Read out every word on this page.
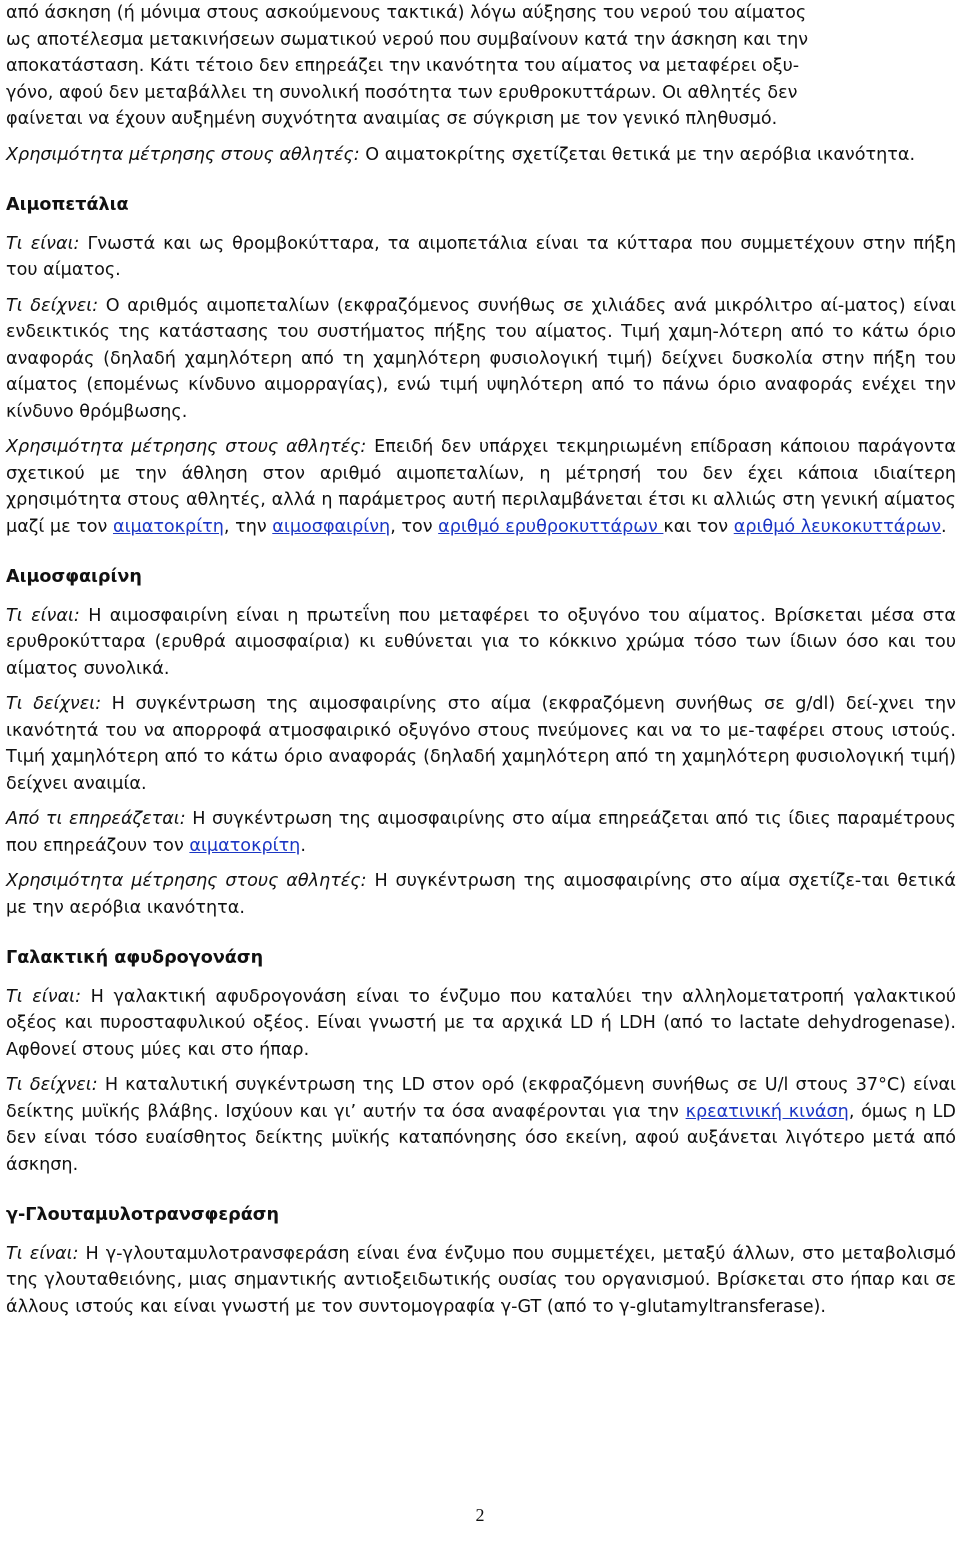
από άσκηση (ή μόνιμα στους ασκούμενους τακτικά) λόγω αύξησης του νερού του αίματος
ως αποτέλεσμα μετακινήσεων σωματικού νερού που συμβαίνουν κατά την άσκηση και την
αποκατάσταση. Κάτι τέτοιο δεν επηρεάζει την ικανότητα του αίματος να μεταφέρει οξυ-
γόνο, αφού δεν μεταβάλλει τη συνολική ποσότητα των ερυθροκυττάρων. Οι αθλητές δεν
φαίνεται να έχουν αυξημένη συχνότητα αναιμίας σε σύγκριση με τον γενικό πληθυσμό.

Χρησιμότητα μέτρησης στους αθλητές: Ο αιματοκρίτης σχετίζεται θετικά με την αερόβια ικανότητα.

Αιμοπετάλια

Τι είναι: Γνωστά και ως θρομβοκύτταρα, τα αιμοπετάλια είναι τα κύτταρα που συμμετέχουν στην πήξη του αίματος.

Τι δείχνει: Ο αριθμός αιμοπεταλίων (εκφραζόμενος συνήθως σε χιλιάδες ανά μικρόλιτρο αί-ματος) είναι ενδεικτικός της κατάστασης του συστήματος πήξης του αίματος. Τιμή χαμη-λότερη από το κάτω όριο αναφοράς (δηλαδή χαμηλότερη από τη χαμηλότερη φυσιολογική τιμή) δείχνει δυσκολία στην πήξη του αίματος (επομένως κίνδυνο αιμορραγίας), ενώ τιμή υψηλότερη από το πάνω όριο αναφοράς ενέχει την κίνδυνο θρόμβωσης.

Χρησιμότητα μέτρησης στους αθλητές: Επειδή δεν υπάρχει τεκμηριωμένη επίδραση κάποιου παράγοντα σχετικού με την άθληση στον αριθμό αιμοπεταλίων, η μέτρησή του δεν έχει κάποια ιδιαίτερη χρησιμότητα στους αθλητές, αλλά η παράμετρος αυτή περιλαμβάνεται έτσι κι αλλιώς στη γενική αίματος μαζί με τον αιματοκρίτη, την αιμοσφαιρίνη, τον αριθμό ερυθροκυττάρων και τον αριθμό λευκοκυττάρων.

Αιμοσφαιρίνη

Τι είναι: Η αιμοσφαιρίνη είναι η πρωτεΐνη που μεταφέρει το οξυγόνο του αίματος. Βρίσκεται μέσα στα ερυθροκύτταρα (ερυθρά αιμοσφαίρια) κι ευθύνεται για το κόκκινο χρώμα τόσο των ίδιων όσο και του αίματος συνολικά.

Τι δείχνει: Η συγκέντρωση της αιμοσφαιρίνης στο αίμα (εκφραζόμενη συνήθως σε g/dl) δεί-χνει την ικανότητά του να απορροφά ατμοσφαιρικό οξυγόνο στους πνεύμονες και να το με-ταφέρει στους ιστούς. Τιμή χαμηλότερη από το κάτω όριο αναφοράς (δηλαδή χαμηλότερη από τη χαμηλότερη φυσιολογική τιμή) δείχνει αναιμία.

Από τι επηρεάζεται: Η συγκέντρωση της αιμοσφαιρίνης στο αίμα επηρεάζεται από τις ίδιες παραμέτρους που επηρεάζουν τον αιματοκρίτη.

Χρησιμότητα μέτρησης στους αθλητές: Η συγκέντρωση της αιμοσφαιρίνης στο αίμα σχετίζε-ται θετικά με την αερόβια ικανότητα.

Γαλακτική αφυδρογονάση

Τι είναι: Η γαλακτική αφυδρογονάση είναι το ένζυμο που καταλύει την αλληλομετατροπή γαλακτικού οξέος και πυροσταφυλικού οξέος. Είναι γνωστή με τα αρχικά LD ή LDH (από το lactate dehydrogenase). Αφθονεί στους μύες και στο ήπαρ.

Τι δείχνει: Η καταλυτική συγκέντρωση της LD στον ορό (εκφραζόμενη συνήθως σε U/l στους 37°C) είναι δείκτης μυϊκής βλάβης. Ισχύουν και γι’ αυτήν τα όσα αναφέρονται για την κρεατινική κινάση, όμως η LD δεν είναι τόσο ευαίσθητος δείκτης μυϊκής καταπόνησης όσο εκείνη, αφού αυξάνεται λιγότερο μετά από άσκηση.

γ-Γλουταμυλοτρανσφεράση

Τι είναι: Η γ-γλουταμυλοτρανσφεράση είναι ένα ένζυμο που συμμετέχει, μεταξύ άλλων, στο μεταβολισμό της γλουταθειόνης, μιας σημαντικής αντιοξειδωτικής ουσίας του οργανισμού. Βρίσκεται στο ήπαρ και σε άλλους ιστούς και είναι γνωστή με τον συντομογραφία γ-GT (από το γ-glutamyltransferase).

2
